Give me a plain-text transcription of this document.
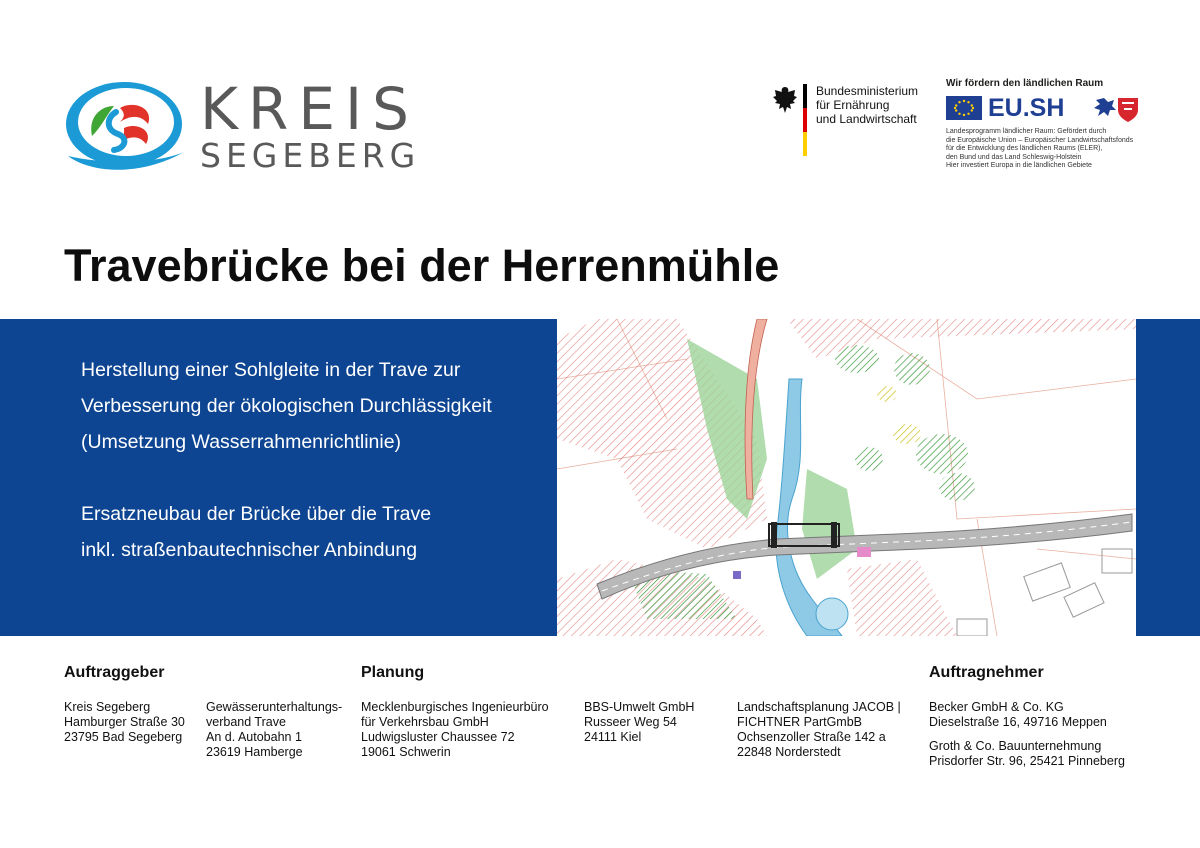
KREIS
SEGEBERG
Bundesministerium
für Ernährung
und Landwirtschaft
Wir fördern den ländlichen Raum
EU.SH
Landesprogramm ländlicher Raum: Gefördert durch
die Europäische Union – Europäischer Landwirtschaftsfonds
für die Entwicklung des ländlichen Raums (ELER),
den Bund und das Land Schleswig-Holstein
Hier investiert Europa in die ländlichen Gebiete
Travebrücke bei der Herrenmühle

Herstellung einer Sohlgleite in der Trave zur
Verbesserung der ökologischen Durchlässigkeit
(Umsetzung Wasserrahmenrichtlinie)

Ersatzneubau der Brücke über die Trave
inkl. straßenbautechnischer Anbindung

Auftraggeber
Kreis Segeberg
Hamburger Straße 30
23795 Bad Segeberg
Gewässerunterhaltungs-
verband Trave
An d. Autobahn 1
23619 Hamberge
Planung
Mecklenburgisches Ingenieurbüro
für Verkehrsbau GmbH
Ludwigsluster Chaussee 72
19061 Schwerin
BBS-Umwelt GmbH
Russeer Weg 54
24111 Kiel
Landschaftsplanung JACOB |
FICHTNER PartGmbB
Ochsenzoller Straße 142 a
22848 Norderstedt
Auftragnehmer
Becker GmbH & Co. KG
Dieselstraße 16, 49716 Meppen
Groth & Co. Bauunternehmung
Prisdorfer Str. 96, 25421 Pinneberg
